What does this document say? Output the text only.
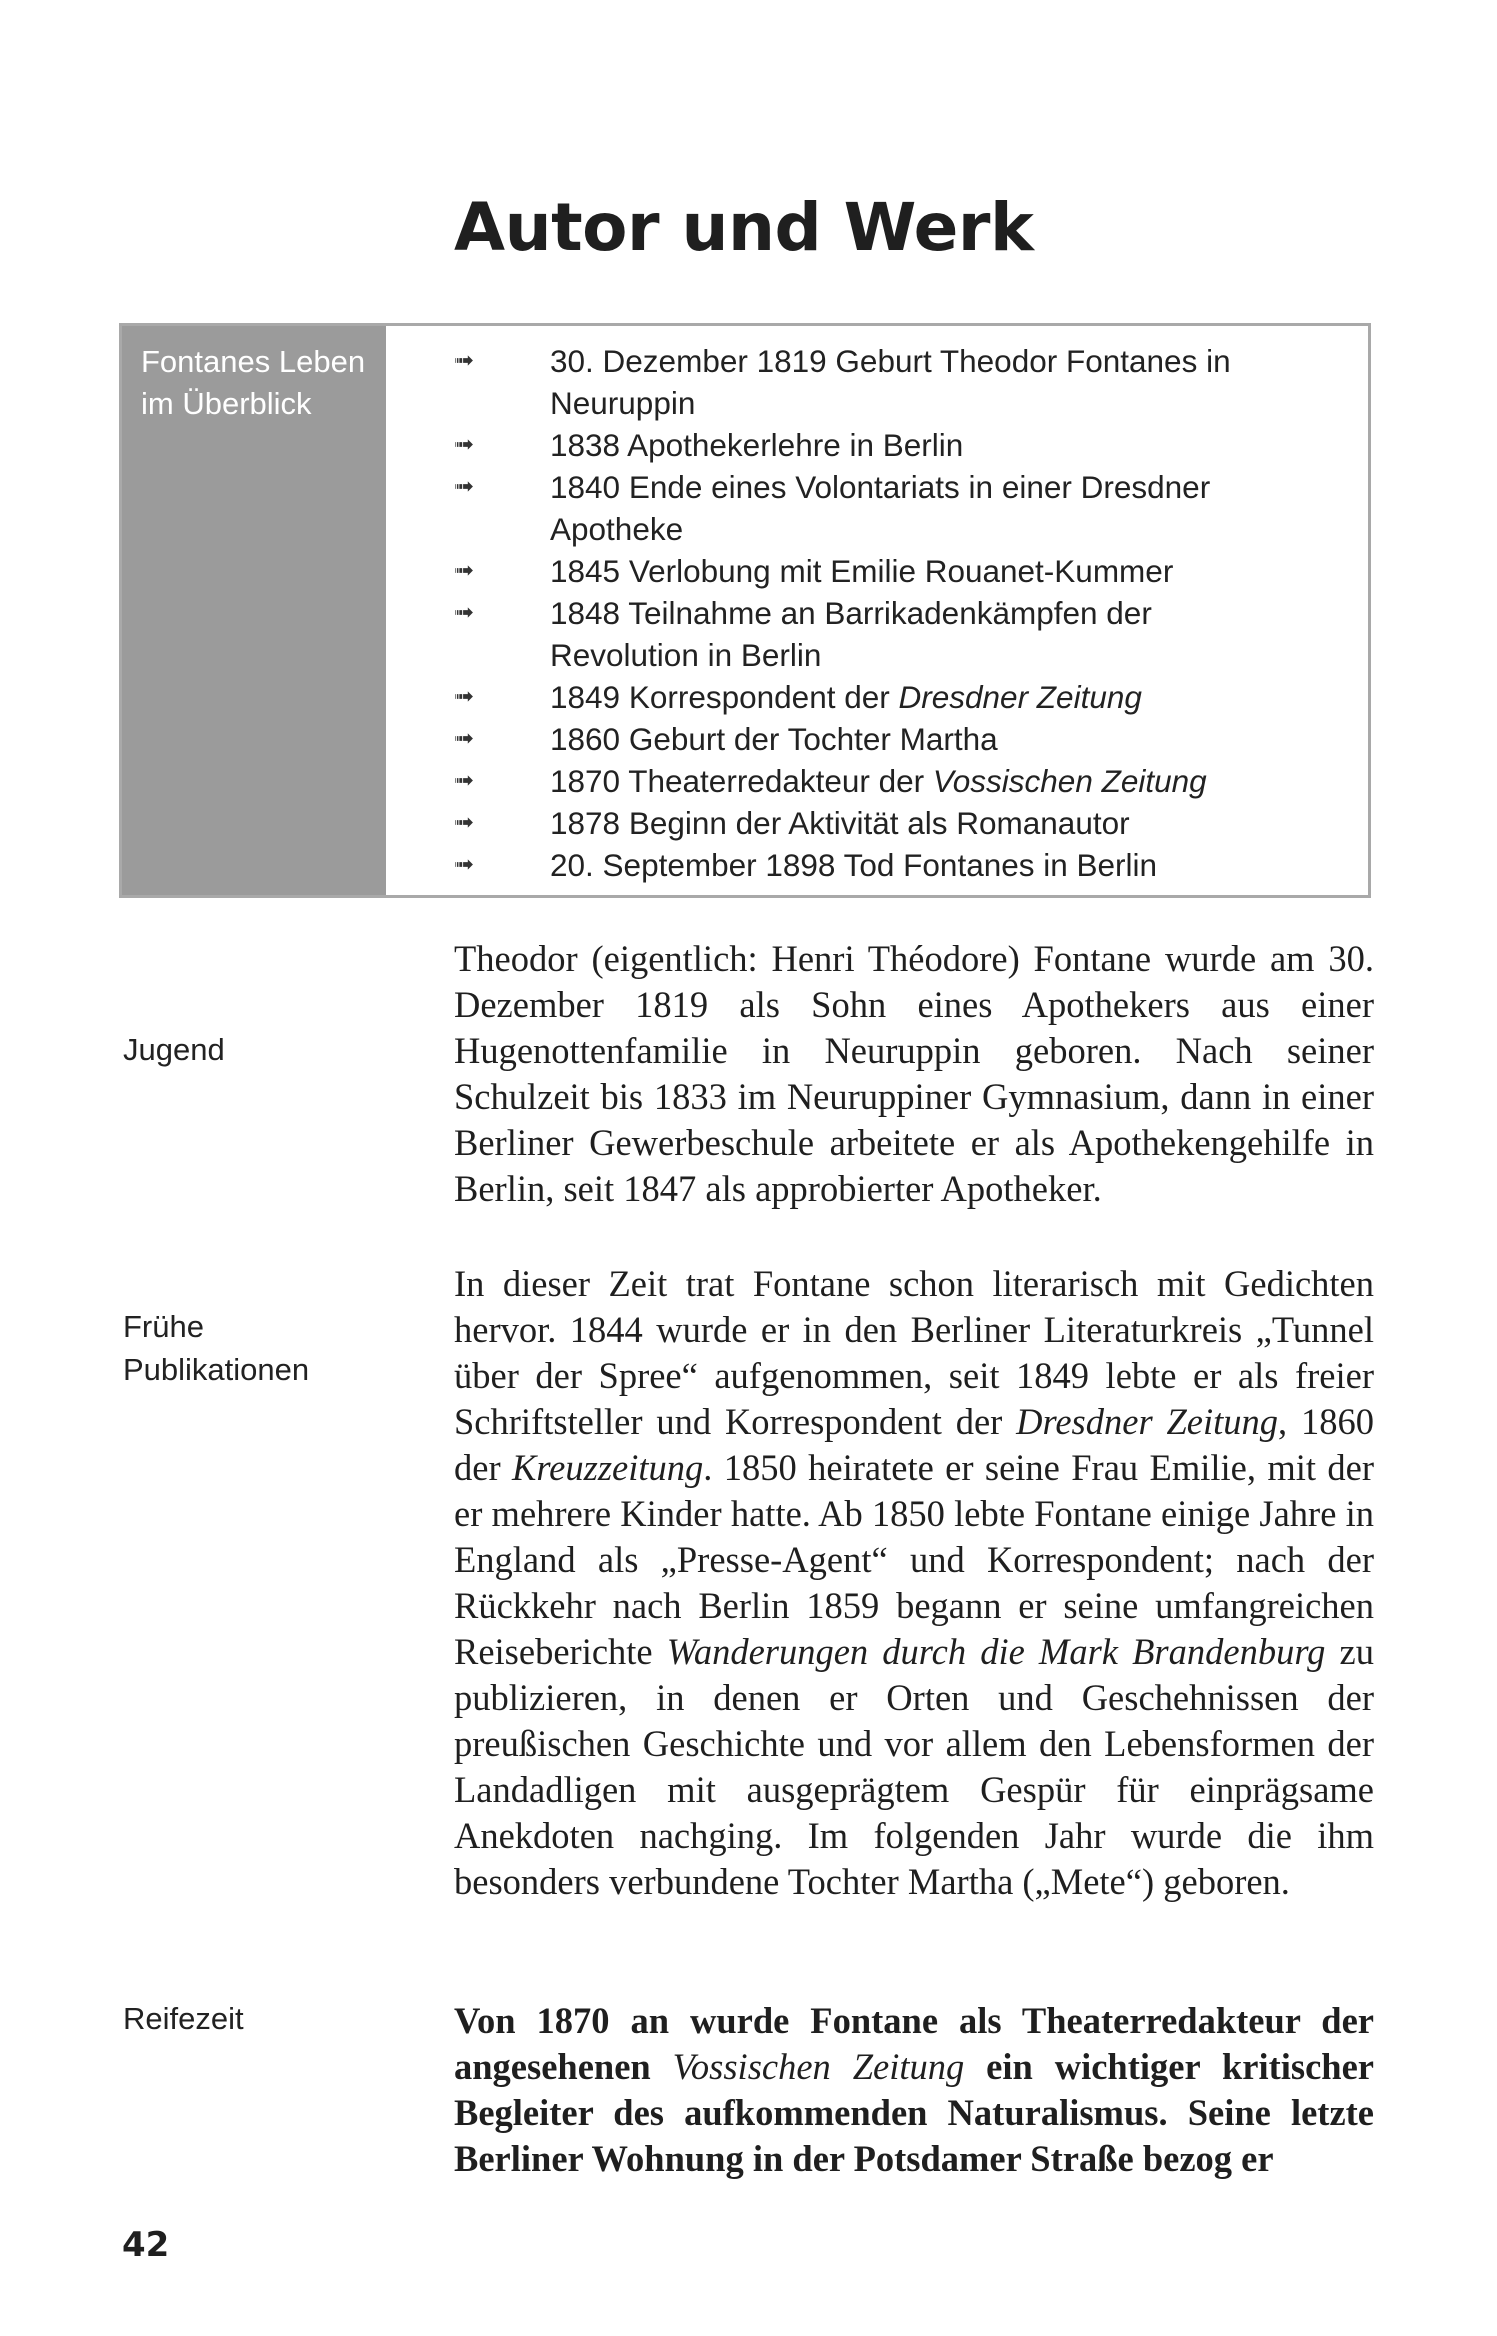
Autor und Werk
Fontanes Leben im Überblick
➟ 30. Dezember 1819 Geburt Theodor Fontanes in Neuruppin
➟ 1838 Apothekerlehre in Berlin
➟ 1840 Ende eines Volontariats in einer Dresdner Apotheke
➟ 1845 Verlobung mit Emilie Rouanet-Kummer
➟ 1848 Teilnahme an Barrikadenkämpfen der Revolution in Berlin
➟ 1849 Korrespondent der Dresdner Zeitung
➟ 1860 Geburt der Tochter Martha
➟ 1870 Theaterredakteur der Vossischen Zeitung
➟ 1878 Beginn der Aktivität als Romanautor
➟ 20. September 1898 Tod Fontanes in Berlin
Jugend
Frühe Publikationen
Reifezeit

Theodor (eigentlich: Henri Théodore) Fontane wurde am 30. Dezember 1819 als Sohn eines Apothekers aus einer Hugenottenfamilie in Neuruppin geboren. Nach seiner Schulzeit bis 1833 im Neuruppiner Gymnasium, dann in einer Berliner Gewerbeschule arbeitete er als Apothekengehilfe in Berlin, seit 1847 als approbierter Apotheker.

In dieser Zeit trat Fontane schon literarisch mit Gedichten hervor. 1844 wurde er in den Berliner Literaturkreis „Tunnel über der Spree“ aufgenommen, seit 1849 lebte er als freier Schriftsteller und Korrespondent der Dresdner Zeitung, 1860 der Kreuzzeitung. 1850 heiratete er seine Frau Emilie, mit der er mehrere Kinder hatte. Ab 1850 lebte Fontane einige Jahre in England als „Presse-Agent“ und Korrespondent; nach der Rückkehr nach Berlin 1859 begann er seine umfangreichen Reiseberichte Wanderungen durch die Mark Brandenburg zu publizieren, in denen er Orten und Geschehnissen der preußischen Geschichte und vor allem den Lebensformen der Landadligen mit ausgeprägtem Gespür für einprägsame Anekdoten nachging. Im folgenden Jahr wurde die ihm besonders verbundene Tochter Martha („Mete“) geboren.

Von 1870 an wurde Fontane als Theaterredakteur der angesehenen Vossischen Zeitung ein wichtiger kritischer Begleiter des aufkommenden Naturalismus. Seine letzte Berliner Wohnung in der Potsdamer Straße bezog er

42
